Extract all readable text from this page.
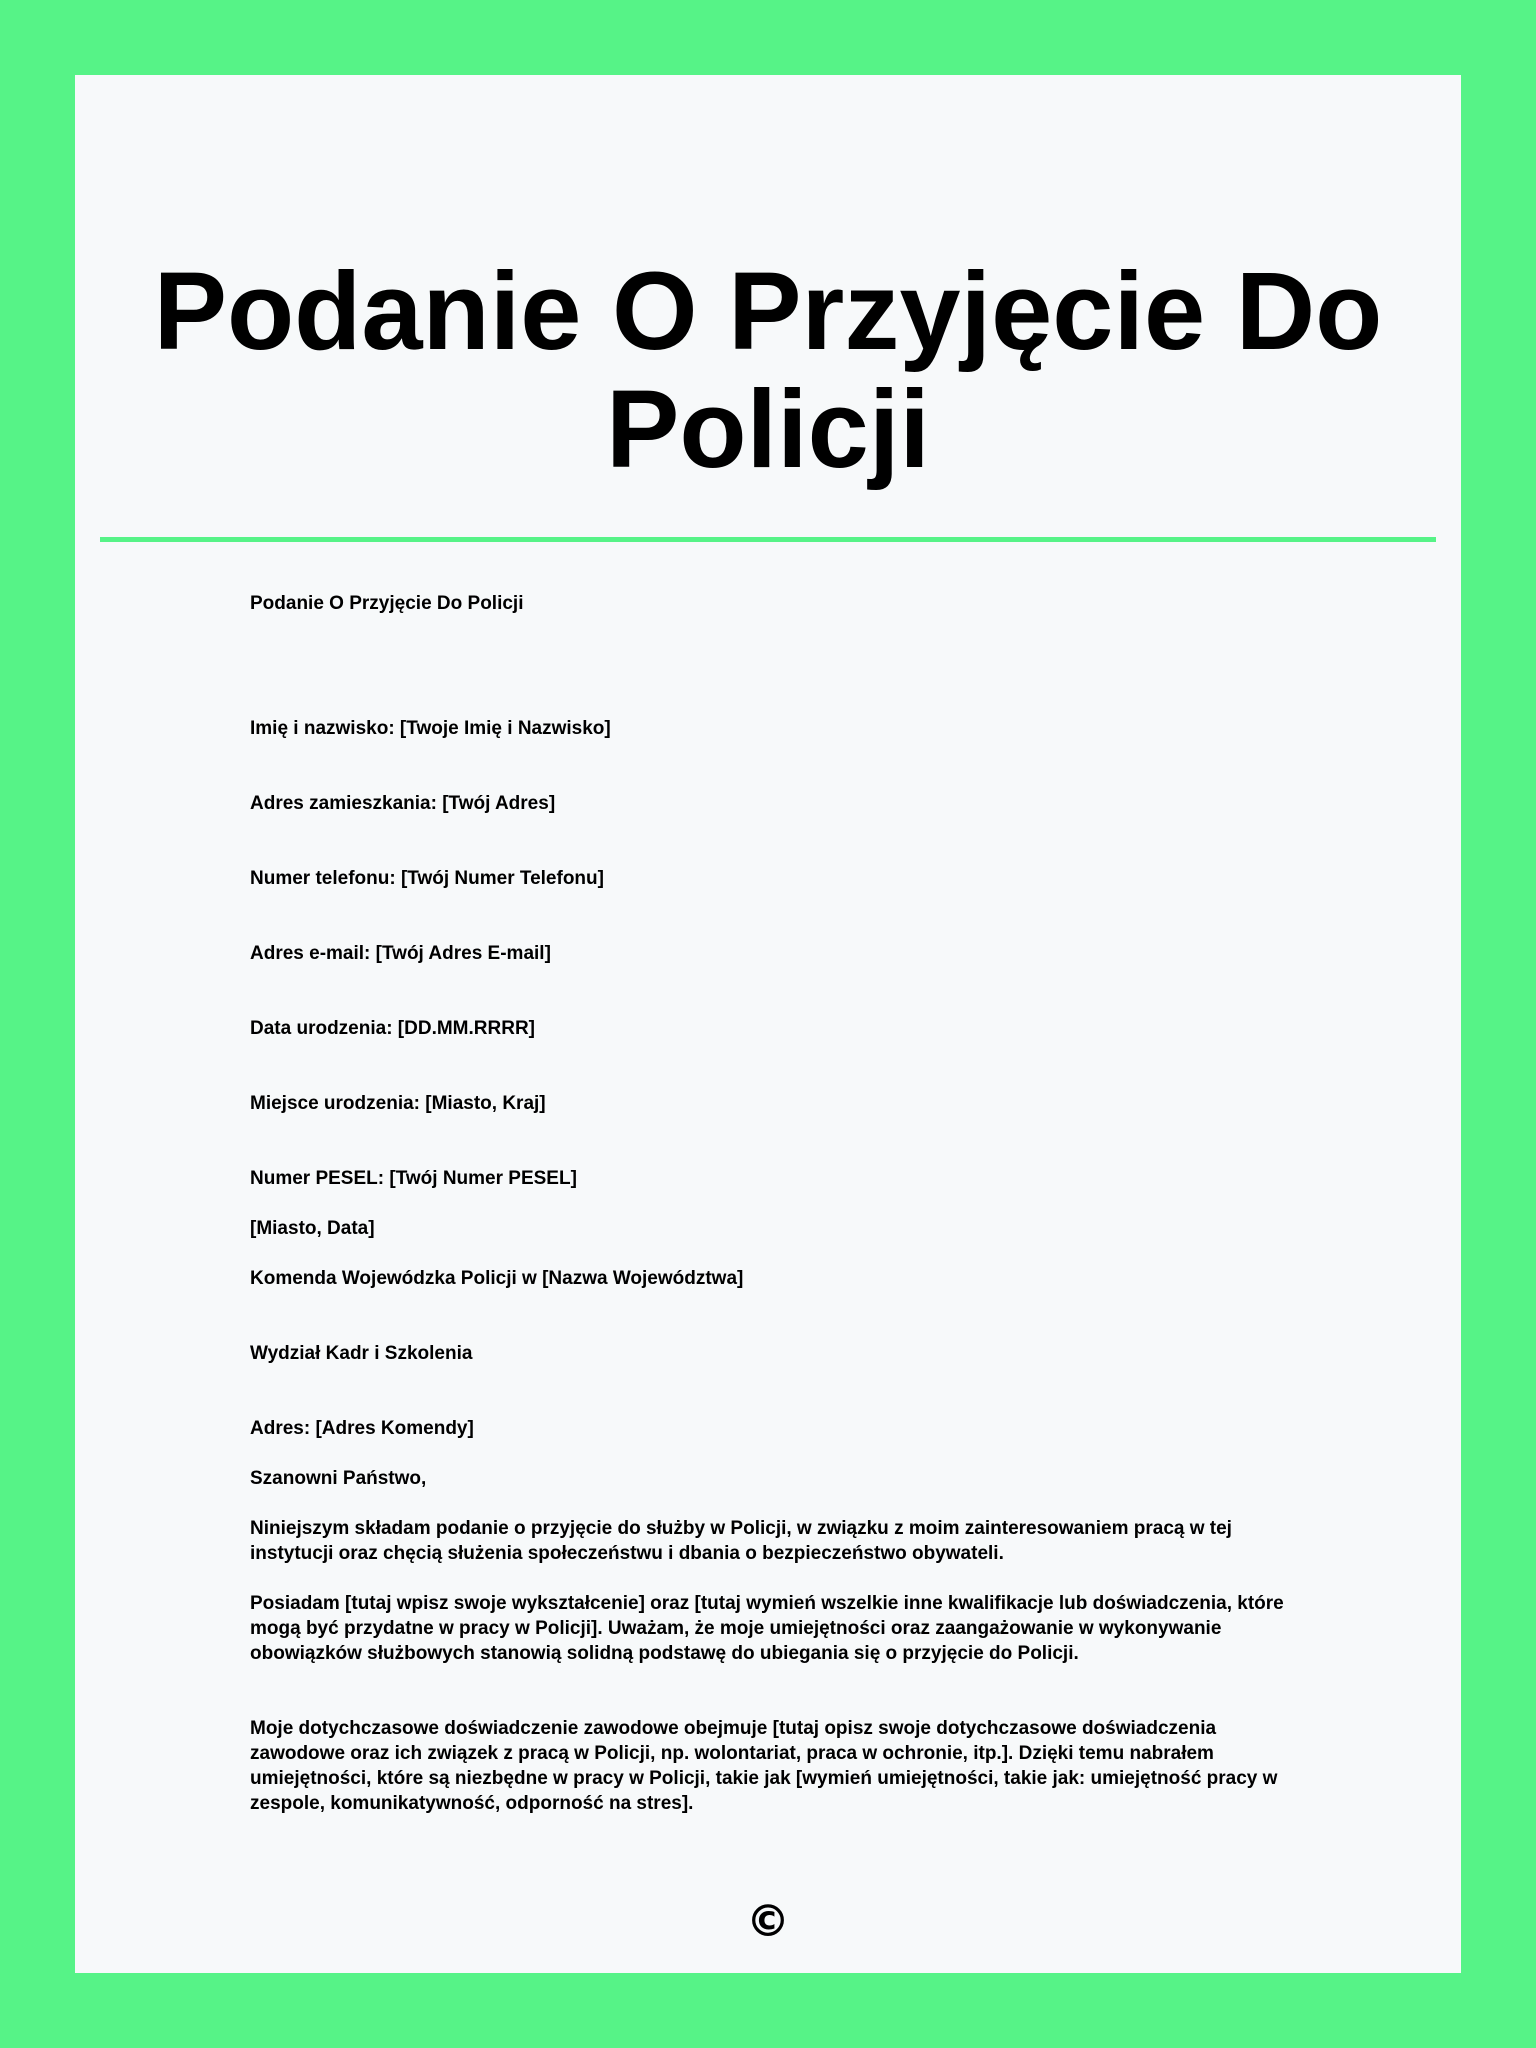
Podanie O Przyjęcie Do Policji

Podanie O Przyjęcie Do Policji

Imię i nazwisko: [Twoje Imię i Nazwisko]

Adres zamieszkania: [Twój Adres]

Numer telefonu: [Twój Numer Telefonu]

Adres e-mail: [Twój Adres E-mail]

Data urodzenia: [DD.MM.RRRR]

Miejsce urodzenia: [Miasto, Kraj]

Numer PESEL: [Twój Numer PESEL]

[Miasto, Data]

Komenda Wojewódzka Policji w [Nazwa Województwa]

Wydział Kadr i Szkolenia

Adres: [Adres Komendy]

Szanowni Państwo,

Niniejszym składam podanie o przyjęcie do służby w Policji, w związku z moim zainteresowaniem pracą w tej instytucji oraz chęcią służenia społeczeństwu i dbania o bezpieczeństwo obywateli.

Posiadam [tutaj wpisz swoje wykształcenie] oraz [tutaj wymień wszelkie inne kwalifikacje lub doświadczenia, które mogą być przydatne w pracy w Policji]. Uważam, że moje umiejętności oraz zaangażowanie w wykonywanie obowiązków służbowych stanowią solidną podstawę do ubiegania się o przyjęcie do Policji.

Moje dotychczasowe doświadczenie zawodowe obejmuje [tutaj opisz swoje dotychczasowe doświadczenia zawodowe oraz ich związek z pracą w Policji, np. wolontariat, praca w ochronie, itp.]. Dzięki temu nabrałem umiejętności, które są niezbędne w pracy w Policji, takie jak [wymień umiejętności, takie jak: umiejętność pracy w zespole, komunikatywność, odporność na stres].

©
